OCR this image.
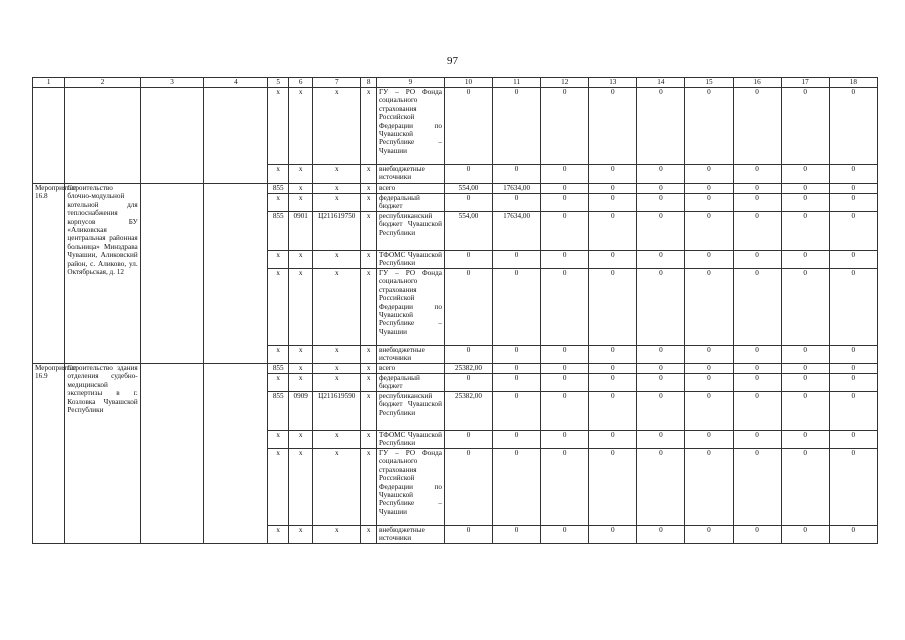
97
1	2	3	4	5	6	7	8	9	10	11	12	13	14	15	16	17	18
				х	х	х	х	ГУ – РО Фонда социального страхования Российской Федерации по Чувашской Республике – Чувашии	0	0	0	0	0	0	0	0	0
				х	х	х	х	внебюджетные источники	0	0	0	0	0	0	0	0	0
Мероприятие 16.8	Строительство блочно-модульной котельной для теплоснабжения корпусов БУ «Аликовская центральная районная больница» Минздрава Чувашии, Аликовский район, с. Аликово, ул. Октябрьская, д. 12			855	х	х	х	всего	554,00	17634,00	0	0	0	0	0	0	0
				х	х	х	х	федеральный бюджет	0	0	0	0	0	0	0	0	0
				855	0901	Ц211619750	х	республиканский бюджет Чувашской Республики	554,00	17634,00	0	0	0	0	0	0	0
				х	х	х	х	ТФОМС Чувашской Республики	0	0	0	0	0	0	0	0	0
				х	х	х	х	ГУ – РО Фонда социального страхования Российской Федерации по Чувашской Республике – Чувашии	0	0	0	0	0	0	0	0	0
				х	х	х	х	внебюджетные источники	0	0	0	0	0	0	0	0	0
Мероприятие 16.9	Строительство здания отделения судебно-медицинской экспертизы в г. Козловка Чувашской Республики			855	х	х	х	всего	25382,00	0	0	0	0	0	0	0	0
				х	х	х	х	федеральный бюджет	0	0	0	0	0	0	0	0	0
				855	0909	Ц211619590	х	республиканский бюджет Чувашской Республики	25382,00	0	0	0	0	0	0	0	0
				х	х	х	х	ТФОМС Чувашской Республики	0	0	0	0	0	0	0	0	0
				х	х	х	х	ГУ – РО Фонда социального страхования Российской Федерации по Чувашской Республике – Чувашии	0	0	0	0	0	0	0	0	0
				х	х	х	х	внебюджетные источники	0	0	0	0	0	0	0	0	0
